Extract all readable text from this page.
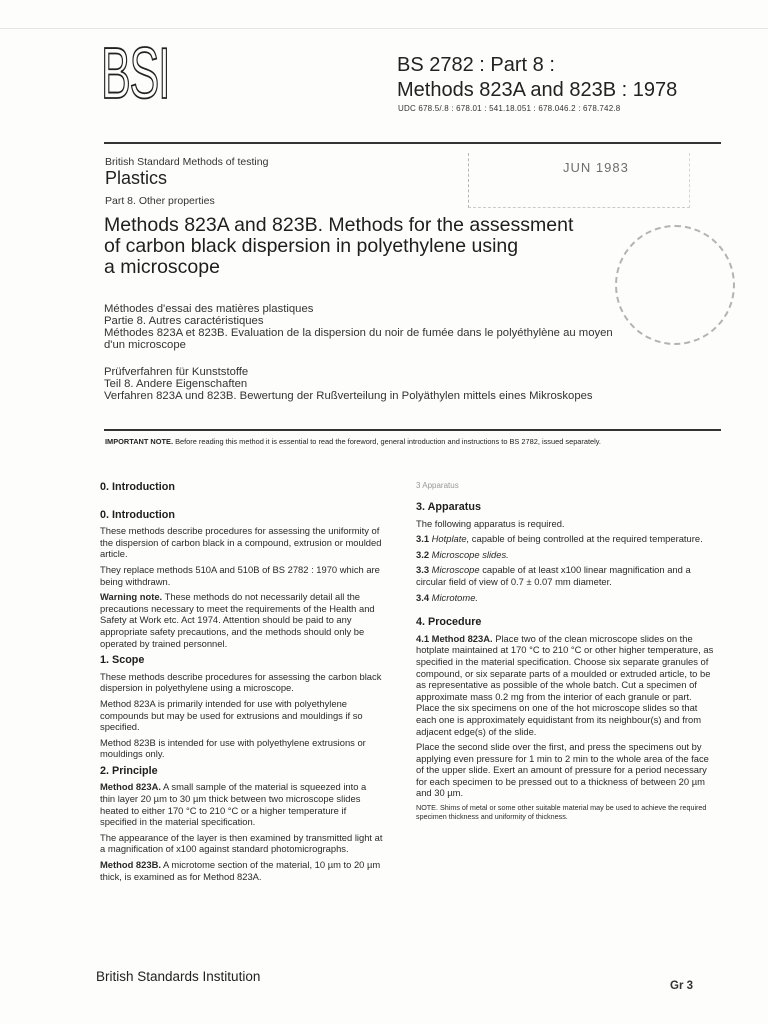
BSI	BS 2782 : Part 8 :
Methods 823A and 823B : 1978
UDC 678.5/.8 : 678.01 : 541.18.051 : 678.046.2 : 678.742.8
British Standard Methods of testing
Plastics
Part 8. Other properties
JUN 1983
Methods 823A and 823B. Methods for the assessment
of carbon black dispersion in polyethylene using
a microscope
Méthodes d'essai des matières plastiques
Partie 8. Autres caractéristiques
Méthodes 823A et 823B. Evaluation de la dispersion du noir de fumée dans le polyéthylène au moyen
d'un microscope
Prüfverfahren für Kunststoffe
Teil 8. Andere Eigenschaften
Verfahren 823A und 823B. Bewertung der Rußverteilung in Polyäthylen mittels eines Mikroskopes
IMPORTANT NOTE. Before reading this method it is essential to read the foreword, general introduction and instructions to BS 2782, issued separately.
0. Introduction
0. Introduction
These methods describe procedures for assessing the uniformity of the dispersion of carbon black in a compound, extrusion or moulded article.
They replace methods 510A and 510B of BS 2782 : 1970 which are being withdrawn.
Warning note. These methods do not necessarily detail all the precautions necessary to meet the requirements of the Health and Safety at Work etc. Act 1974. Attention should be paid to any appropriate safety precautions, and the methods should only be operated by trained personnel.
1. Scope
These methods describe procedures for assessing the carbon black dispersion in polyethylene using a microscope.
Method 823A is primarily intended for use with polyethylene compounds but may be used for extrusions and mouldings if so specified.
Method 823B is intended for use with polyethylene extrusions or mouldings only.
2. Principle
Method 823A. A small sample of the material is squeezed into a thin layer 20 µm to 30 µm thick between two microscope slides heated to either 170 °C to 210 °C or a higher temperature if specified in the material specification.
The appearance of the layer is then examined by transmitted light at a magnification of x100 against standard photomicrographs.
Method 823B. A microtome section of the material, 10 µm to 20 µm thick, is examined as for Method 823A.
3 Apparatus
3. Apparatus
The following apparatus is required.
3.1 Hotplate, capable of being controlled at the required temperature.
3.2 Microscope slides.
3.3 Microscope capable of at least x100 linear magnification and a circular field of view of 0.7 ± 0.07 mm diameter.
3.4 Microtome.
4. Procedure
4.1 Method 823A. Place two of the clean microscope slides on the hotplate maintained at 170 °C to 210 °C or other higher temperature, as specified in the material specification. Choose six separate granules of compound, or six separate parts of a moulded or extruded article, to be as representative as possible of the whole batch. Cut a specimen of approximate mass 0.2 mg from the interior of each granule or part. Place the six specimens on one of the hot microscope slides so that each one is approximately equidistant from its neighbour(s) and from adjacent edge(s) of the slide.
Place the second slide over the first, and press the specimens out by applying even pressure for 1 min to 2 min to the whole area of the face of the upper slide. Exert an amount of pressure for a period necessary for each specimen to be pressed out to a thickness of between 20 µm and 30 µm.
NOTE. Shims of metal or some other suitable material may be used to achieve the required specimen thickness and uniformity of thickness.
British Standards Institution
Gr 3
